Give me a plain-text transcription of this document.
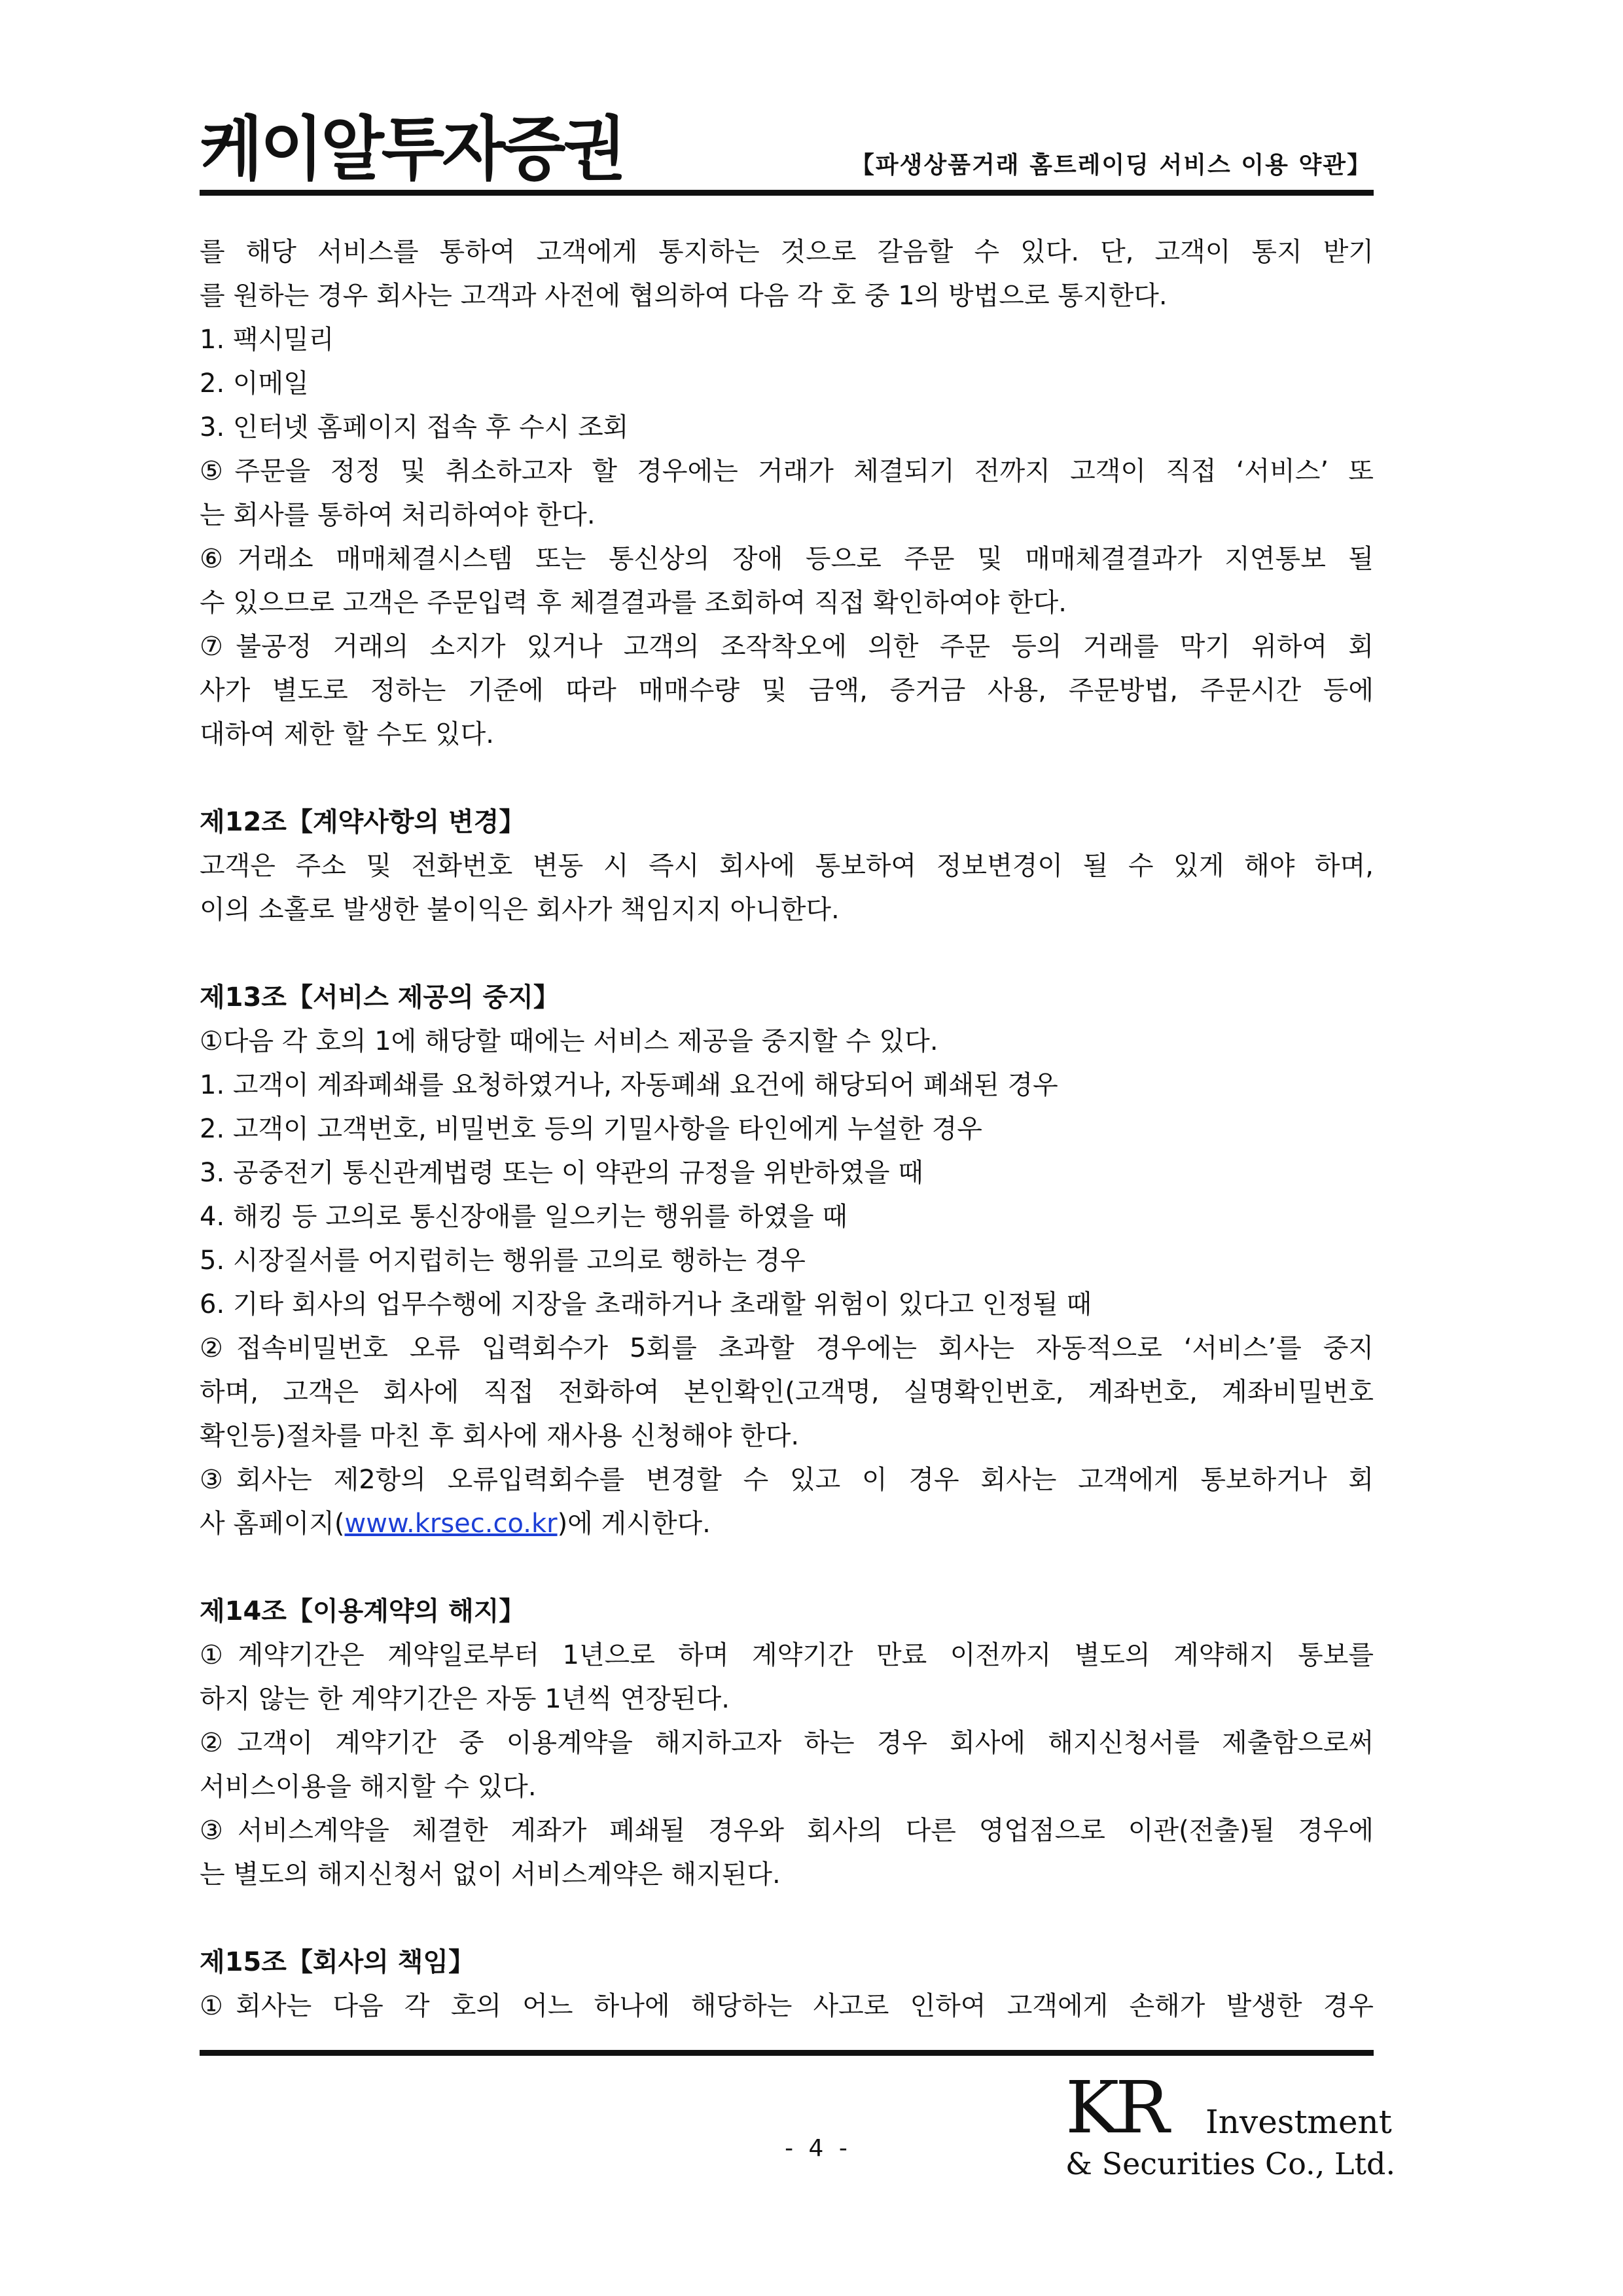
케이알투자증권	【파생상품거래 홈트레이딩 서비스 이용 약관】
를 해당 서비스를 통하여 고객에게 통지하는 것으로 갈음할 수 있다. 단, 고객이 통지 받기
를 원하는 경우 회사는 고객과 사전에 협의하여 다음 각 호 중 1의 방법으로 통지한다.
1. 팩시밀리
2. 이메일
3. 인터넷 홈페이지 접속 후 수시 조회
⑤주문을 정정 및 취소하고자 할 경우에는 거래가 체결되기 전까지 고객이 직접 ‘서비스’ 또
는 회사를 통하여 처리하여야 한다.
⑥거래소 매매체결시스템 또는 통신상의 장애 등으로 주문 및 매매체결결과가 지연통보 될
수 있으므로 고객은 주문입력 후 체결결과를 조회하여 직접 확인하여야 한다.
⑦불공정 거래의 소지가 있거나 고객의 조작착오에 의한 주문 등의 거래를 막기 위하여 회
사가 별도로 정하는 기준에 따라 매매수량 및 금액, 증거금 사용, 주문방법, 주문시간 등에
대하여 제한 할 수도 있다.
제12조【계약사항의 변경】
고객은 주소 및 전화번호 변동 시 즉시 회사에 통보하여 정보변경이 될 수 있게 해야 하며,
이의 소홀로 발생한 불이익은 회사가 책임지지 아니한다.
제13조【서비스 제공의 중지】
①다음 각 호의 1에 해당할 때에는 서비스 제공을 중지할 수 있다.
1. 고객이 계좌폐쇄를 요청하였거나, 자동폐쇄 요건에 해당되어 폐쇄된 경우
2. 고객이 고객번호, 비밀번호 등의 기밀사항을 타인에게 누설한 경우
3. 공중전기 통신관계법령 또는 이 약관의 규정을 위반하였을 때
4. 해킹 등 고의로 통신장애를 일으키는 행위를 하였을 때
5. 시장질서를 어지럽히는 행위를 고의로 행하는 경우
6. 기타 회사의 업무수행에 지장을 초래하거나 초래할 위험이 있다고 인정될 때
②접속비밀번호 오류 입력회수가 5회를 초과할 경우에는 회사는 자동적으로 ‘서비스’를 중지
하며, 고객은 회사에 직접 전화하여 본인확인(고객명, 실명확인번호, 계좌번호, 계좌비밀번호
확인등)절차를 마친 후 회사에 재사용 신청해야 한다.
③회사는 제2항의 오류입력회수를 변경할 수 있고 이 경우 회사는 고객에게 통보하거나 회
사 홈페이지(www.krsec.co.kr)에 게시한다.
제14조【이용계약의 해지】
①계약기간은 계약일로부터 1년으로 하며 계약기간 만료 이전까지 별도의 계약해지 통보를
하지 않는 한 계약기간은 자동 1년씩 연장된다.
②고객이 계약기간 중 이용계약을 해지하고자 하는 경우 회사에 해지신청서를 제출함으로써
서비스이용을 해지할 수 있다.
③서비스계약을 체결한 계좌가 폐쇄될 경우와 회사의 다른 영업점으로 이관(전출)될 경우에
는 별도의 해지신청서 없이 서비스계약은 해지된다.
제15조【회사의 책임】
①회사는 다음 각 호의 어느 하나에 해당하는 사고로 인하여 고객에게 손해가 발생한 경우
- 4 -	KR Investment
& Securities Co., Ltd.
